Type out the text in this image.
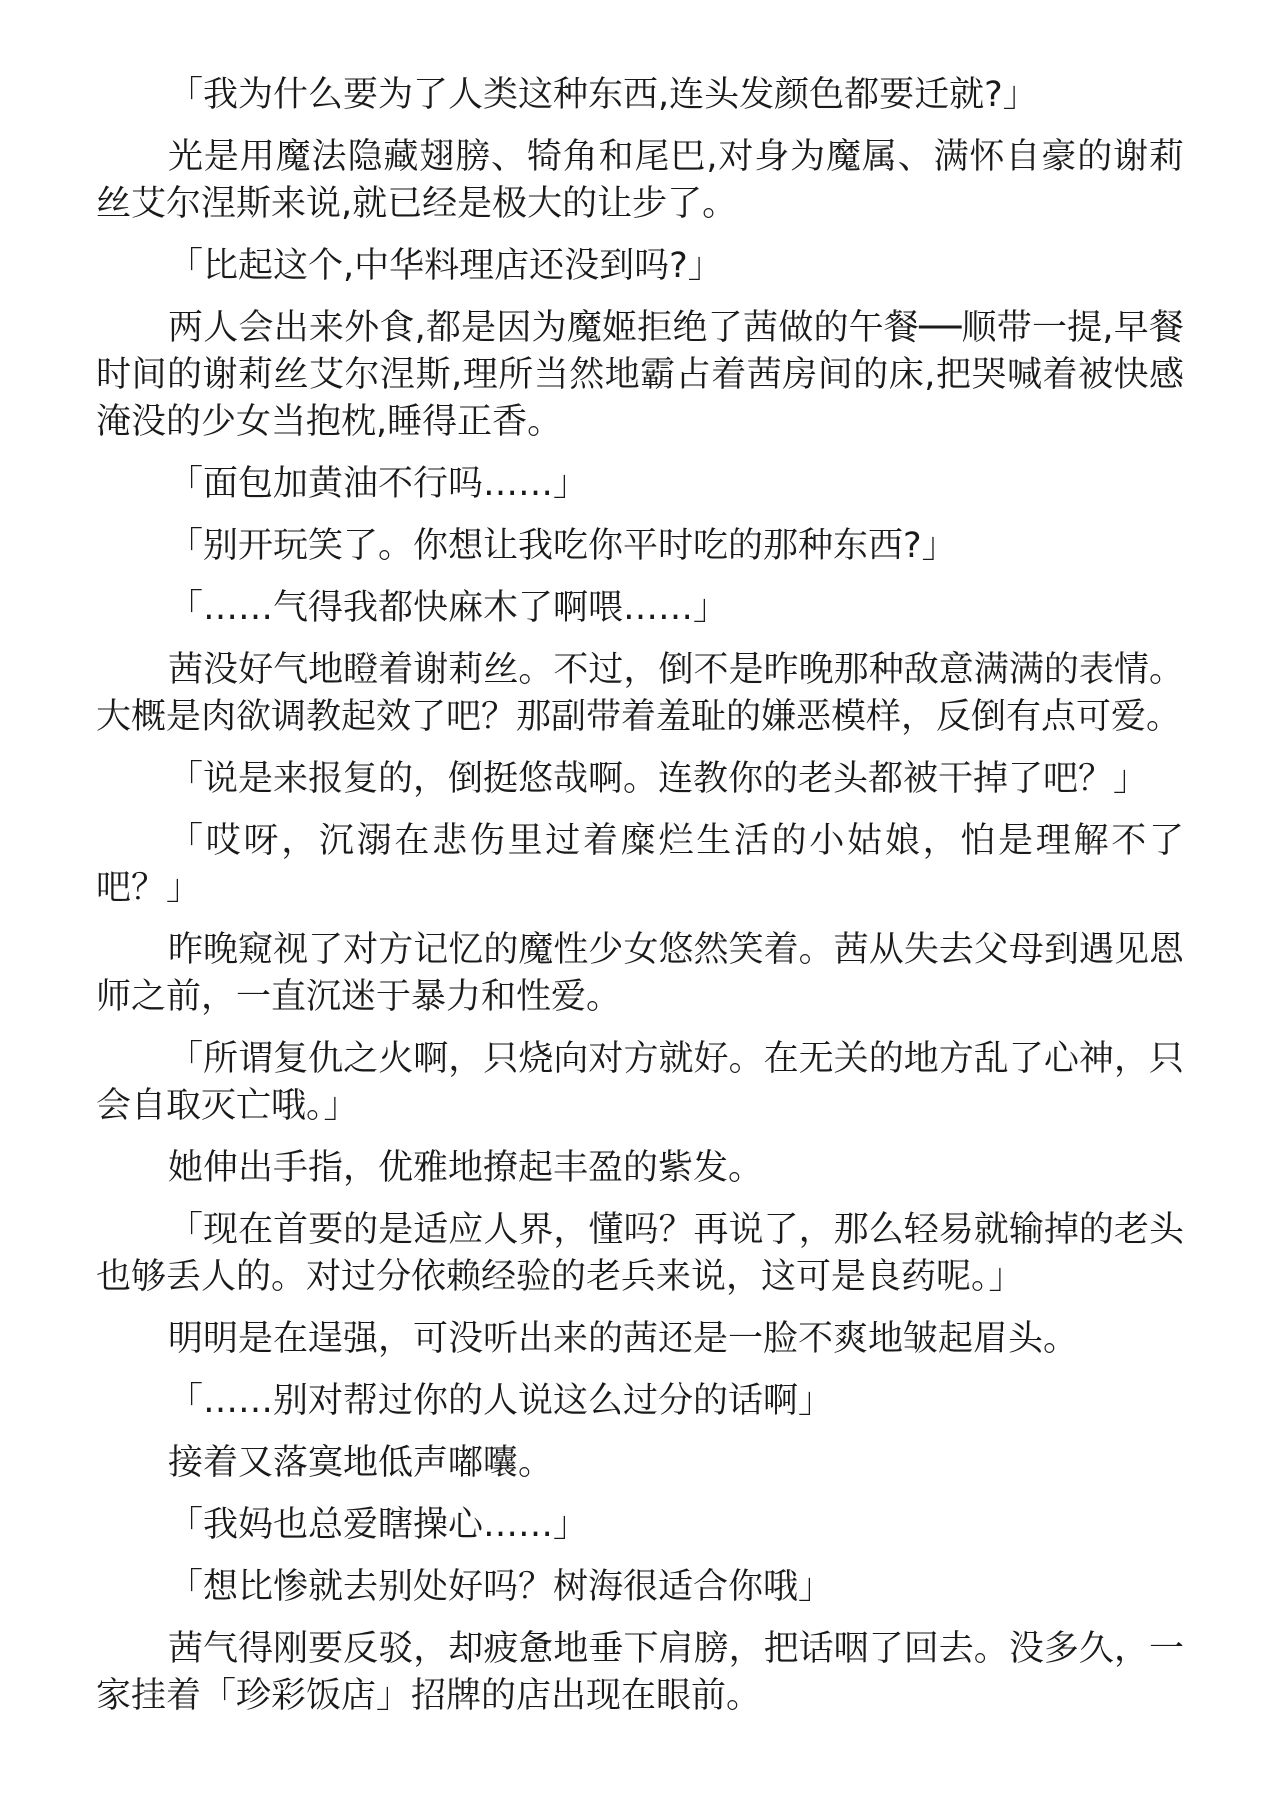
「我为什么要为了人类这种东西,连头发颜色都要迁就?」

光是用魔法隐藏翅膀、犄角和尾巴,对身为魔属、满怀自豪的谢莉丝艾尔涅斯来说,就已经是极大的让步了。

「比起这个,中华料理店还没到吗?」

两人会出来外食,都是因为魔姬拒绝了茜做的午餐──顺带一提,早餐时间的谢莉丝艾尔涅斯,理所当然地霸占着茜房间的床,把哭喊着被快感淹没的少女当抱枕,睡得正香。

「面包加黄油不行吗……」

「别开玩笑了。你想让我吃你平时吃的那种东西?」

「……气得我都快麻木了啊喂……」

茜没好气地瞪着谢莉丝。不过，倒不是昨晚那种敌意满满的表情。大概是肉欲调教起效了吧？那副带着羞耻的嫌恶模样，反倒有点可爱。

「说是来报复的，倒挺悠哉啊。连教你的老头都被干掉了吧？」

「哎呀，沉溺在悲伤里过着糜烂生活的小姑娘，怕是理解不了吧？」

昨晚窥视了对方记忆的魔性少女悠然笑着。茜从失去父母到遇见恩师之前，一直沉迷于暴力和性爱。

「所谓复仇之火啊，只烧向对方就好。在无关的地方乱了心神，只会自取灭亡哦。」

她伸出手指，优雅地撩起丰盈的紫发。

「现在首要的是适应人界，懂吗？再说了，那么轻易就输掉的老头也够丢人的。对过分依赖经验的老兵来说，这可是良药呢。」

明明是在逞强，可没听出来的茜还是一脸不爽地皱起眉头。

「……别对帮过你的人说这么过分的话啊」

接着又落寞地低声嘟囔。

「我妈也总爱瞎操心……」

「想比惨就去别处好吗？树海很适合你哦」

茜气得刚要反驳，却疲惫地垂下肩膀，把话咽了回去。没多久，一家挂着「珍彩饭店」招牌的店出现在眼前。
